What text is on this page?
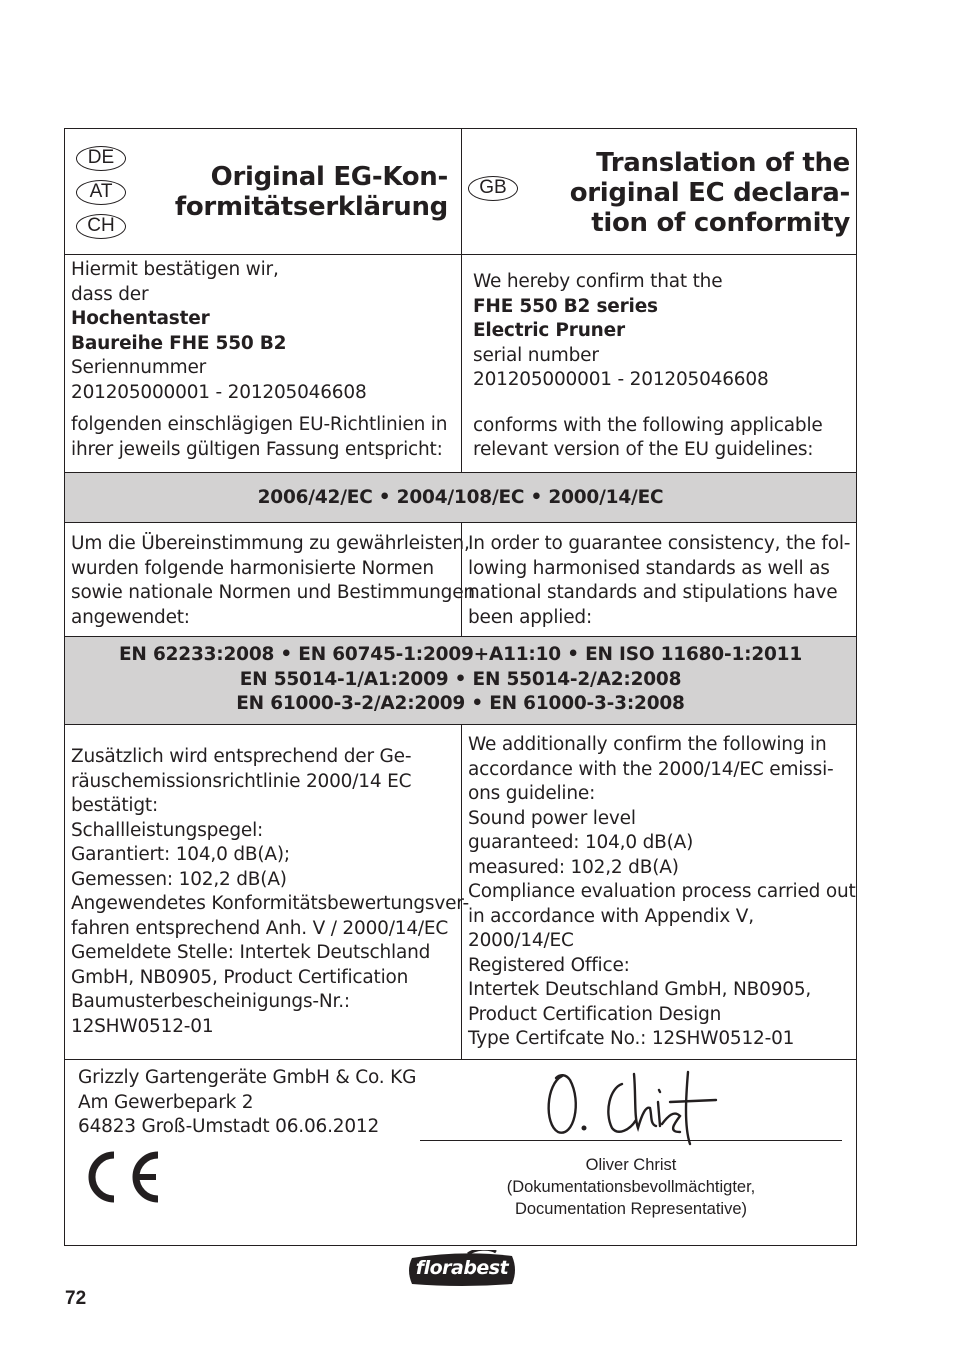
DE
AT
CH
GB
Original EG-Kon-
formitätserklärung
Translation of the
original EC declara-
tion of conformity
Hiermit bestätigen wir,
dass der
Hochentaster
Baureihe FHE 550 B2
Seriennummer
201205000001 - 201205046608
folgenden einschlägigen EU-Richtlinien in
ihrer jeweils gültigen Fassung entspricht:
We hereby confirm that the
FHE 550 B2 series
Electric Pruner
serial number
201205000001 - 201205046608
conforms with the following applicable
relevant version of the EU guidelines:
2006/42/EC • 2004/108/EC • 2000/14/EC
Um die Übereinstimmung zu gewährleisten,
wurden folgende harmonisierte Normen
sowie nationale Normen und Bestimmungen
angewendet:
In order to guarantee consistency, the fol-
lowing harmonised standards as well as
national standards and stipulations have
been applied:
EN 62233:2008 • EN 60745-1:2009+A11:10 • EN ISO 11680-1:2011
EN 55014-1/A1:2009 • EN 55014-2/A2:2008
EN 61000-3-2/A2:2009 • EN 61000-3-3:2008
Zusätzlich wird entsprechend der Ge-
räuschemissionsrichtlinie 2000/14 EC
bestätigt:
Schallleistungspegel:
Garantiert: 104,0 dB(A);
Gemessen: 102,2 dB(A)
Angewendetes Konformitätsbewertungsver-
fahren entsprechend Anh. V / 2000/14/EC
Gemeldete Stelle: Intertek Deutschland
GmbH, NB0905, Product Certification
Baumusterbescheinigungs-Nr.:
12SHW0512-01
We additionally confirm the following in
accordance with the 2000/14/EC emissi-
ons guideline:
Sound power level
guaranteed: 104,0 dB(A)
measured: 102,2 dB(A)
Compliance evaluation process carried out
in accordance with Appendix V,
2000/14/EC
Registered Office:
Intertek Deutschland GmbH, NB0905,
Product Certification Design
Type Certifcate No.: 12SHW0512-01
Grizzly Gartengeräte GmbH & Co. KG
Am Gewerbepark 2
64823 Groß-Umstadt 06.06.2012
Oliver Christ
(Dokumentationsbevollmächtigter,
Documentation Representative)
florabest
72
